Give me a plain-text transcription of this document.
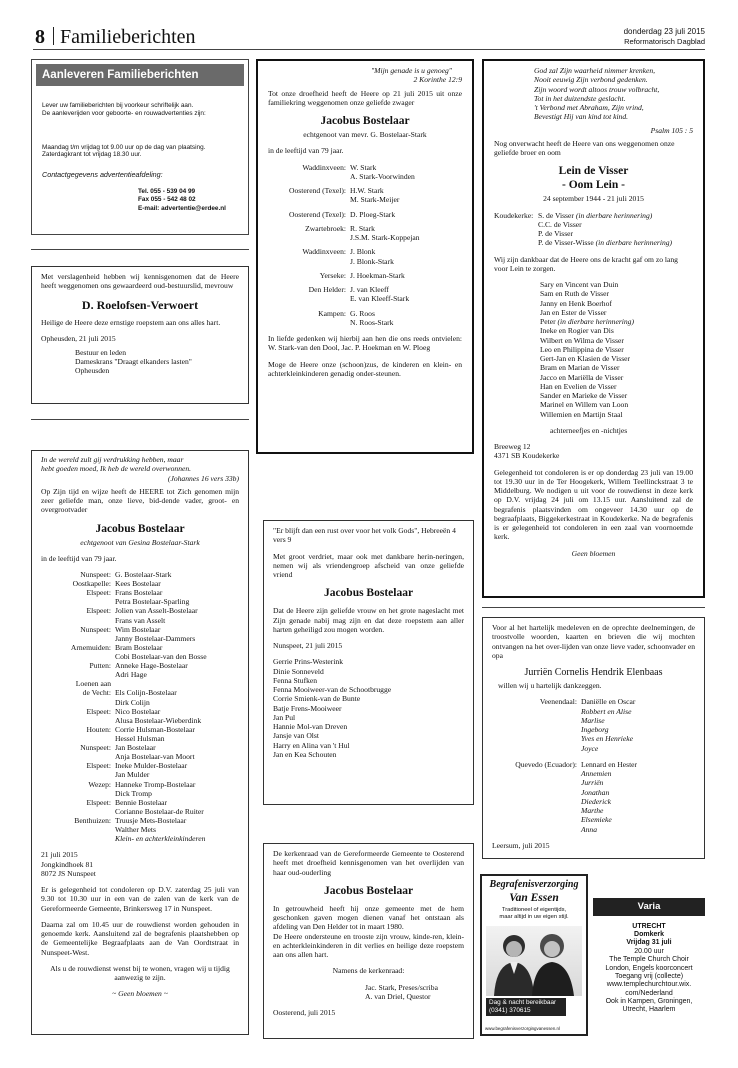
8 Familieberichten	donderdag 23 juli 2015
Reformatorisch Dagblad
Aanleveren Familieberichten
Lever uw familieberichten bij voorkeur schriftelijk aan.
De aanleverijden voor geboorte- en rouwadvertenties zijn:
Maandag t/m vrijdag tot 9.00 uur op de dag van plaatsing.
Zaterdagkrant tot vrijdag 18.30 uur.
Contactgegevens advertentieafdeling:
Tel. 055 - 539 04 99
Fax 055 - 542 48 02
E-mail: advertentie@erdee.nl
Met verslagenheid hebben wij kennisgenomen dat de Heere heeft weggenomen ons gewaardeerd oud-bestuurslid, mevrouw
D. Roelofsen-Verwoert
Heilige de Heere deze ernstige roepstem aan ons alles hart.
Opheusden, 21 juli 2015
Bestuur en leden
Dameskrans "Draagt elkanders lasten"
Opheusden
In de wereld zult gij verdrukking hebben, maar
hebt goeden moed, Ik heb de wereld overwonnen.
(Johannes 16 vers 33b)
Op Zijn tijd en wijze heeft de HEERE tot Zich genomen mijn zeer geliefde man, onze lieve, bid-dende vader, groot- en overgrootvader
Jacobus Bostelaar
echtgenoot van Gesina Bostelaar-Stark
in de leeftijd van 79 jaar.
Nunspeet: G. Bostelaar-Stark
Oostkapelle: Kees Bostelaar
Elspeet: Frans Bostelaar
Petra Bostelaar-Sparling
Elspeet: Jolien van Asselt-Bostelaar
Frans van Asselt
Nunspeet: Wim Bostelaar
Janny Bostelaar-Dammers
Arnemuiden: Bram Bostelaar
Cobi Bostelaar-van den Bosse
Putten: Anneke Hage-Bostelaar
Adri Hage
Loenen aan
de Vecht: Els Colijn-Bostelaar
Dirk Colijn
Elspeet: Nico Bostelaar
Alusa Bostelaar-Wieberdink
Houten: Corrie Hulsman-Bostelaar
Hessel Hulsman
Nunspeet: Jan Bostelaar
Anja Bostelaar-van Moort
Elspeet: Ineke Mulder-Bostelaar
Jan Mulder
Wezep: Hanneke Tromp-Bostelaar
Dick Tromp
Elspeet: Bennie Bostelaar
Corianne Bostelaar-de Ruiter
Benthuizen: Truusje Mets-Bostelaar
Walther Mets
Klein- en achterkleinkinderen
21 juli 2015
Jongkindhoek 81
8072 JS Nunspeet
Er is gelegenheid tot condoleren op D.V. zaterdag 25 juli van 9.30 tot 10.30 uur in een van de zalen van de kerk van de Gereformeerde Gemeente, Brinkersweg 17 in Nunspeet.
Daarna zal om 10.45 uur de rouwdienst worden gehouden in genoemde kerk. Aansluitend zal de begrafenis plaatshebben op de Gemeentelijke Begraafplaats aan de Van Oordtstraat in Nunspeet-West.
Als u de rouwdienst wenst bij te wonen, vragen wij u tijdig aanwezig te zijn.
~ Geen bloemen ~
"Mijn genade is u genoeg"
2 Korinthe 12:9
Tot onze droefheid heeft de Heere op 21 juli 2015 uit onze familiekring weggenomen onze geliefde zwager
Jacobus Bostelaar
echtgenoot van mevr. G. Bostelaar-Stark
in de leeftijd van 79 jaar.
Waddinxveen: W. Stark
A. Stark-Voorwinden
Oosterend (Texel): H.W. Stark
M. Stark-Meijer
Oosterend (Texel): D. Ploeg-Stark
Zwartebroek: R. Stark
J.S.M. Stark-Koppejan
Waddinxveen: J. Blonk
J. Blonk-Stark
Yerseke: J. Hoekman-Stark
Den Helder: J. van Kleeff
E. van Kleeff-Stark
Kampen: G. Roos
N. Roos-Stark
In liefde gedenken wij hierbij aan hen die ons reeds ontvielen: W. Stark-van den Dool, Jac. P. Hoekman en W. Ploeg
Moge de Heere onze (schoon)zus, de kinderen en klein- en achterkleinkinderen genadig onder-steunen.
"Er blijft dan een rust over voor het volk Gods", Hebreeën 4 vers 9
Met groot verdriet, maar ook met dankbare herin-neringen, nemen wij als vriendengroep afscheid van onze geliefde vriend
Jacobus Bostelaar
Dat de Heere zijn geliefde vrouw en het grote nageslacht met Zijn genade nabij mag zijn en dat deze roepstem aan aller harten geheiligd zou mogen worden.
Nunspeet, 21 juli 2015
Gerrie Prins-Westerink
Dinie Sonneveld
Fenna Stufken
Fenna Mooiweer-van de Schootbrugge
Corrie Smienk-van de Bunte
Batje Frens-Mooiweer
Jan Pul
Hannie Mol-van Dreven
Jansje van Olst
Harry en Alina van 't Hul
Jan en Kea Schouten
De kerkenraad van de Gereformeerde Gemeente te Oosterend heeft met droefheid kennisgenomen van het overlijden van haar oud-ouderling
Jacobus Bostelaar
In getrouwheid heeft hij onze gemeente met de hem geschonken gaven mogen dienen vanaf het ontstaan als afdeling van Den Helder tot in maart 1980.
De Heere ondersteune en trooste zijn vrouw, kinde-ren, klein- en achterkleinkinderen in dit verlies en heilige deze roepstem aan ons allen hart.
Namens de kerkenraad:
Jac. Stark, Preses/scriba
A. van Driel, Questor
Oosterend, juli 2015
God zal Zijn waarheid nimmer krenken,
Nooit eeuwig Zijn verbond gedenken.
Zijn woord wordt altoos trouw volbracht,
Tot in het duizendste geslacht.
't Verbond met Abraham, Zijn vrind,
Bevestigt Hij van kind tot kind.
Psalm 105 : 5
Nog onverwacht heeft de Heere van ons weggenomen onze geliefde broer en oom
Lein de Visser
- Oom Lein -
24 september 1944 - 21 juli 2015
Koudekerke: S. de Visser (in dierbare herinnering)
C.C. de Visser
P. de Visser
P. de Visser-Wisse (in dierbare herinnering)
Wij zijn dankbaar dat de Heere ons de kracht gaf om zo lang voor Lein te zorgen.
Sary en Vincent van Duin
Sam en Ruth de Visser
Janny en Henk Boerhof
Jan en Ester de Visser
Peter (in dierbare herinnering)
Ineke en Rogier van Dis
Wilbert en Wilma de Visser
Leo en Philippina de Visser
Gert-Jan en Klasien de Visser
Bram en Marian de Visser
Jacco en Mariëlla de Visser
Han en Evelien de Visser
Sander en Marieke de Visser
Marinel en Willem van Loon
Willemien en Martijn Staal
achterneefjes en -nichtjes
Breeweg 12
4371 SB Koudekerke
Gelegenheid tot condoleren is er op donderdag 23 juli van 19.00 tot 19.30 uur in de Ter Hoogekerk, Willem Teellinckstraat 3 te Middelburg. We nodigen u uit voor de rouwdienst in deze kerk op D.V. vrijdag 24 juli om 13.15 uur. Aansluitend zal de begrafenis plaatsvinden om ongeveer 14.30 uur op de begraafplaats, Biggekerkestraat in Koudekerke. Na de begrafenis is er gelegenheid tot condoleren in een zaal van voornoemde kerk.
Geen bloemen
Voor al het hartelijk medeleven en de oprechte deelnemingen, de troostvolle woorden, kaarten en brieven die wij mochten ontvangen na het over-lijden van onze lieve vader, schoonvader en opa
Jurriën Cornelis Hendrik Elenbaas
willen wij u hartelijk dankzeggen.
Veenendaal: Daniëlle en Oscar
Robbert en Alise
Marlise
Ingeborg
Yves en Henrieke
Joyce
Quevedo (Ecuador): Lennard en Hester
Annemien
Jurriën
Jonathan
Diederick
Marthe
Elsemieke
Anna
Leersum, juli 2015
Begrafenisverzorging
Van Essen
Traditioneel of eigentijds,
maar altijd in uw eigen stijl.
Dag & nacht bereikbaar
(0341) 370615
www.begrafenisverzorgingvanessen.nl
Varia
UTRECHT
Domkerk
Vrijdag 31 juli
20.00 uur
The Temple Church Choir
London, Engels koorconcert
Toegang vrij (collecte)
www.templechurchtour.wix.
com/Nederland
Ook in Kampen, Groningen,
Utrecht, Haarlem
